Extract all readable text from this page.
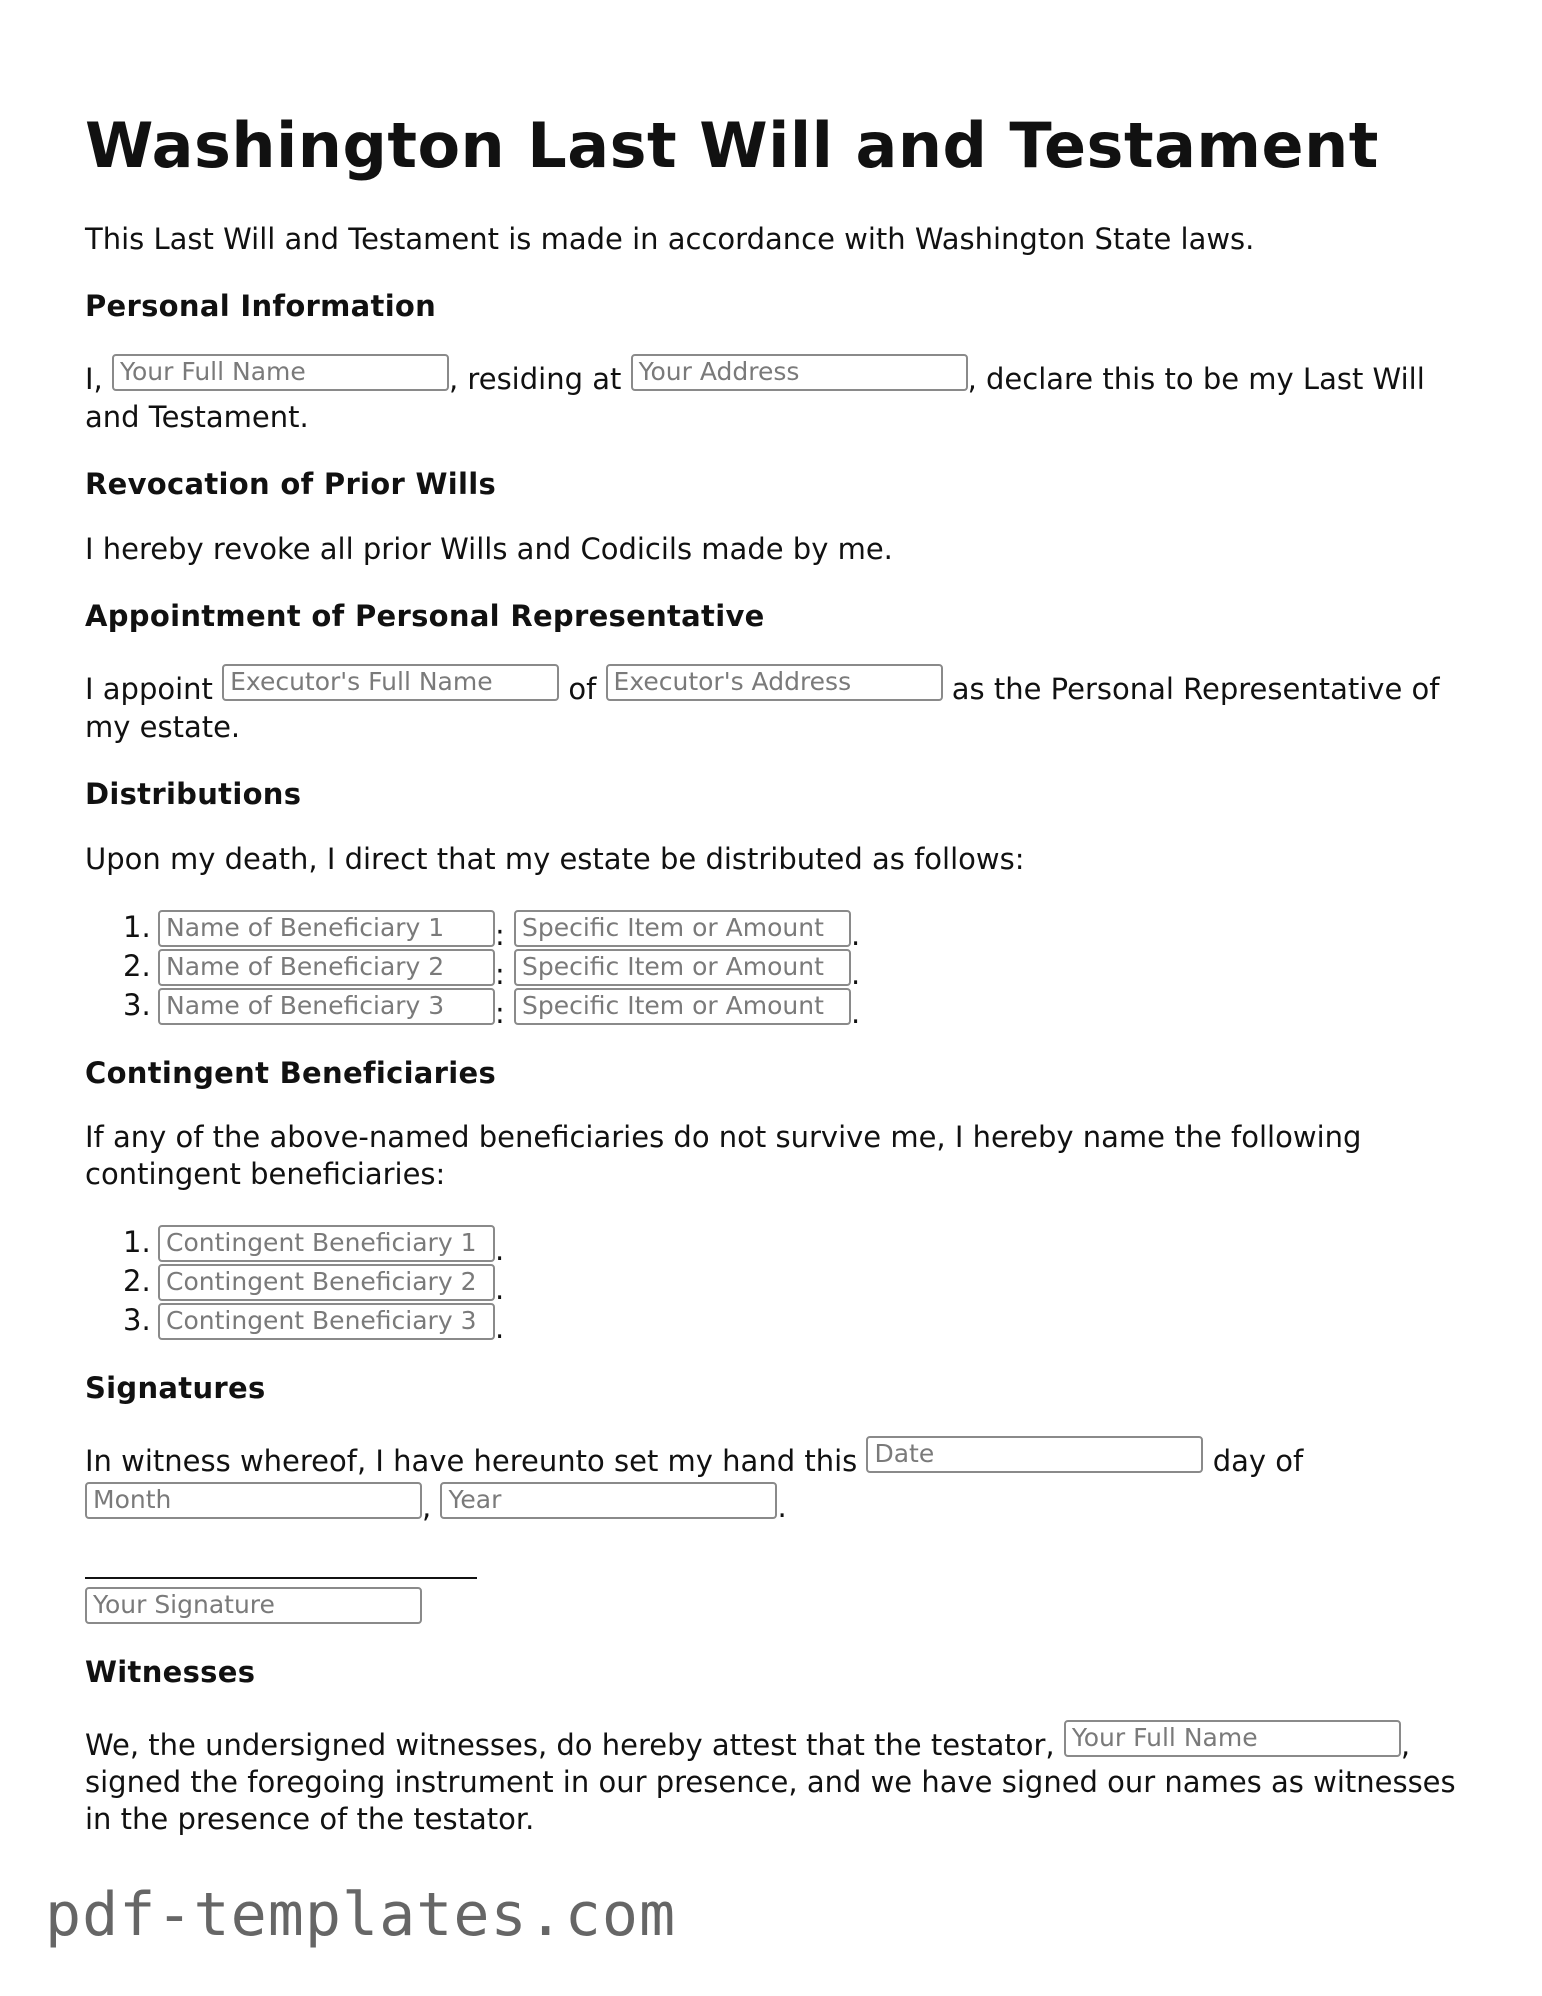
Washington Last Will and Testament

This Last Will and Testament is made in accordance with Washington State laws.

Personal Information

I, Your Full Name	, residing at Your Address	, declare this to be my Last Will and Testament.

Revocation of Prior Wills

I hereby revoke all prior Wills and Codicils made by me.

Appointment of Personal Representative

I appoint Executor's Full Name	of Executor's Address	as the Personal Representative of my estate.

Distributions

Upon my death, I direct that my estate be distributed as follows:

1. Name of Beneficiary 1 : Specific Item or Amount .
2. Name of Beneficiary 2 : Specific Item or Amount .
3. Name of Beneficiary 3 : Specific Item or Amount .
Contingent Beneficiaries

If any of the above-named beneficiaries do not survive me, I hereby name the following contingent beneficiaries:

1. Contingent Beneficiary 1 .
2. Contingent Beneficiary 2 .
3. Contingent Beneficiary 3 .
Signatures

In witness whereof, I have hereunto set my hand this Date	day of Month	, Year	.

Your Signature
Witnesses

We, the undersigned witnesses, do hereby attest that the testator, Your Full Name	, signed the foregoing instrument in our presence, and we have signed our names as witnesses in the presence of the testator.

pdf-templates.com
